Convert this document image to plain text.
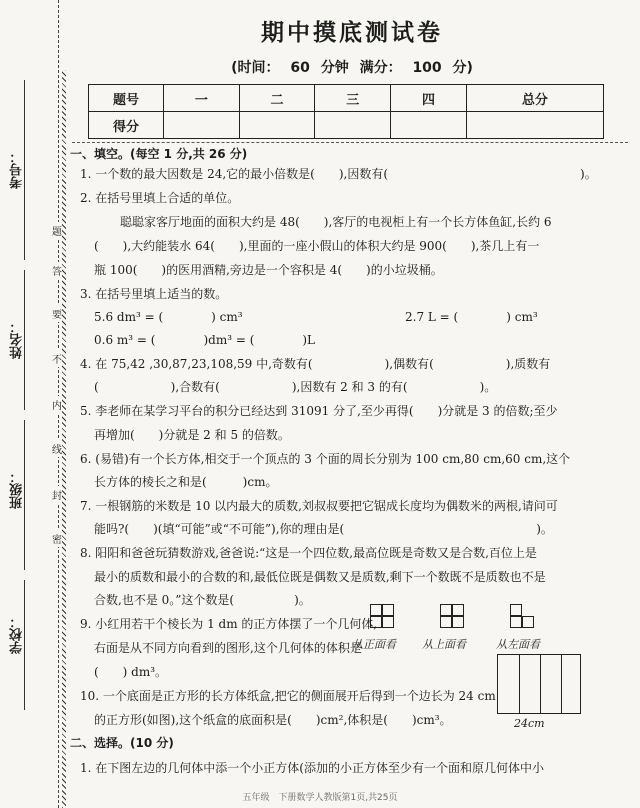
考号：
姓名：
班级：
学校：
题
答
要
不
内
线
封
密
期中摸底测试卷
(时间： 60 分钟 满分： 100 分)
题号	一	二	三	四	总分
得分					
一、填空。(每空 1 分,共 26 分)
1. 一个数的最大因数是 24,它的最小倍数是(　　),因数有(　　　　　　　　　　　　　　　　)。
2. 在括号里填上合适的单位。
聪聪家客厅地面的面积大约是 48(　　),客厅的电视柜上有一个长方体鱼缸,长约 6
(　　),大约能装水 64(　　),里面的一座小假山的体积大约是 900(　　),茶几上有一
瓶 100(　　)的医用酒精,旁边是一个容积是 4(　　)的小垃圾桶。
3. 在括号里填上适当的数。
5.6 dm³ = (　　　　) cm³	2.7 L = (　　　　) cm³
0.6 m³ = (　　　　)dm³ = (　　　　)L
4. 在 75,42 ,30,87,23,108,59 中,奇数有(　　　　　　),偶数有(　　　　　　),质数有
(　　　　　　),合数有(　　　　　　),因数有 2 和 3 的有(　　　　　　)。
5. 李老师在某学习平台的积分已经达到 31091 分了,至少再得(　　)分就是 3 的倍数;至少
再增加(　　)分就是 2 和 5 的倍数。
6. (易错)有一个长方体,相交于一个顶点的 3 个面的周长分别为 100 cm,80 cm,60 cm,这个
长方体的棱长之和是(　　　)cm。
7. 一根钢筋的米数是 10 以内最大的质数,刘叔叔要把它锯成长度均为偶数米的两根,请问可
能吗?(　　)(填“可能”或“不可能”),你的理由是(　　　　　　　　　　　　　　　　)。
8. 阳阳和爸爸玩猜数游戏,爸爸说:“这是一个四位数,最高位既是奇数又是合数,百位上是
最小的质数和最小的合数的和,最低位既是偶数又是质数,剩下一个数既不是质数也不是
合数,也不是 0。”这个数是(　　　　　)。
9. 小红用若干个棱长为 1 dm 的正方体摆了一个几何体,
右面是从不同方向看到的图形,这个几何体的体积是
(　　) dm³。
10. 一个底面是正方形的长方体纸盒,把它的侧面展开后得到一个边长为 24 cm
的正方形(如图),这个纸盒的底面积是(　　)cm²,体积是(　　)cm³。
二、选择。(10 分)
1. 在下图左边的几何体中添一个小正方体(添加的小正方体至少有一个面和原几何体中小
从正面看 从上面看	从左面看
24cm
五年级　下册数学人教版第1页,共25页
